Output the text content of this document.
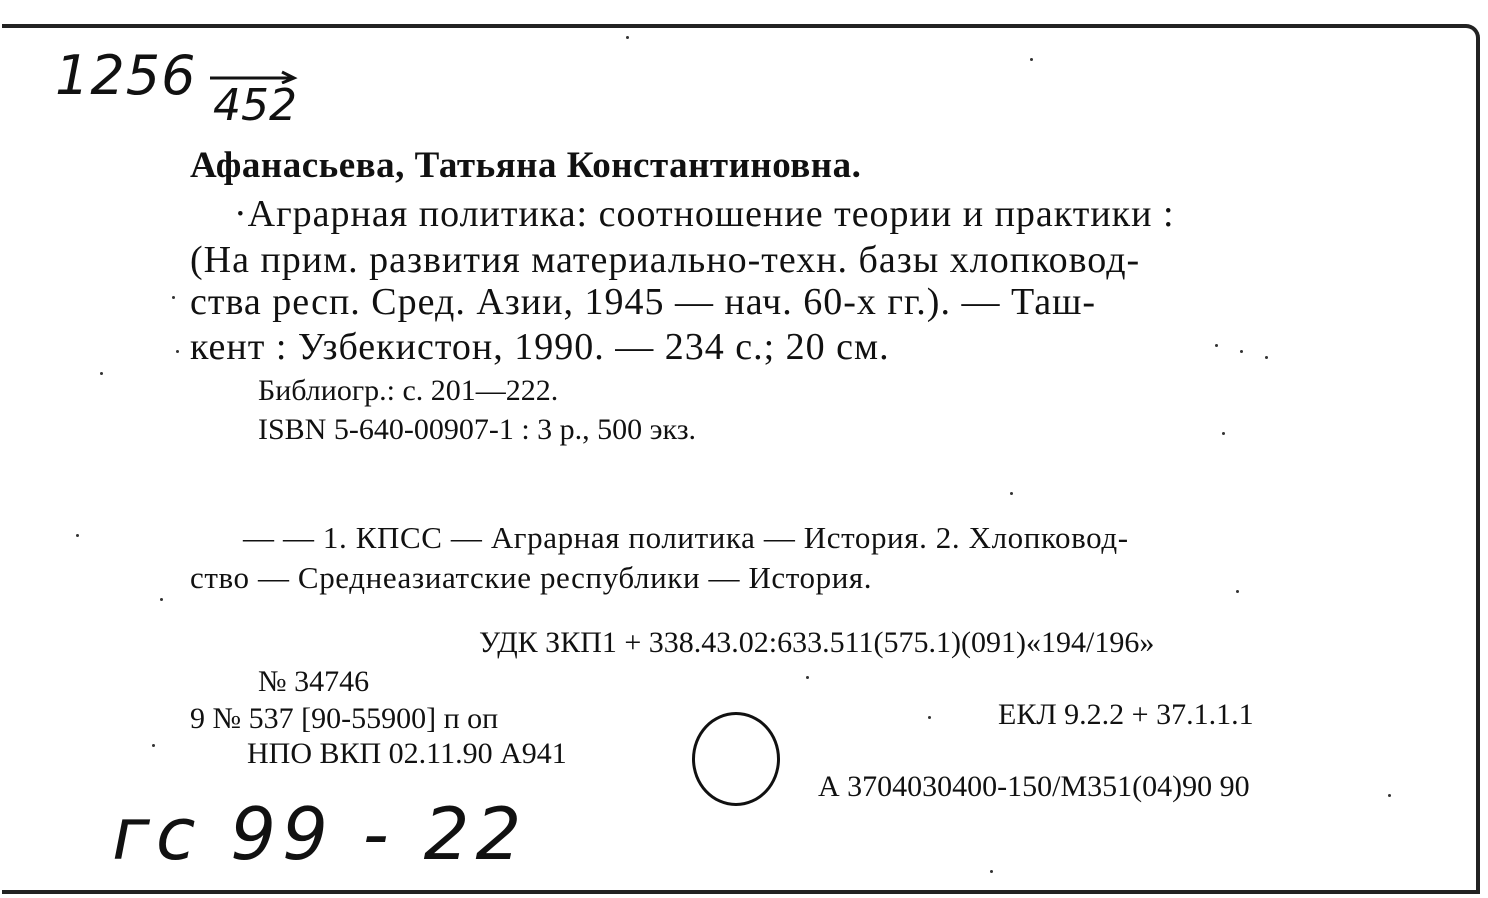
1256 452
Афанасьева, Татьяна Константиновна.
·Аграрная политика: соотношение теории и практики :
(На прим. развития материально-техн. базы хлопковод-
ства респ. Сред. Азии, 1945 — нач. 60-х гг.). — Таш-
кент : Узбекистон, 1990. — 234 с.; 20 см.
Библиогр.: с. 201—222.
ISBN 5-640-00907-1 : 3 р., 500 экз.
— — 1. КПСС — Аграрная политика — История. 2. Хлопковод-
ство — Среднеазиатские республики — История.
УДК ЗКП1 + 338.43.02:633.511(575.1)(091)«194/196»
№ 34746
9 № 537 [90-55900] п оп
НПО ВКП 02.11.90 А941
ЕКЛ 9.2.2 + 37.1.1.1
А 3704030400-150/М351(04)90 90
гс 99 - 22
